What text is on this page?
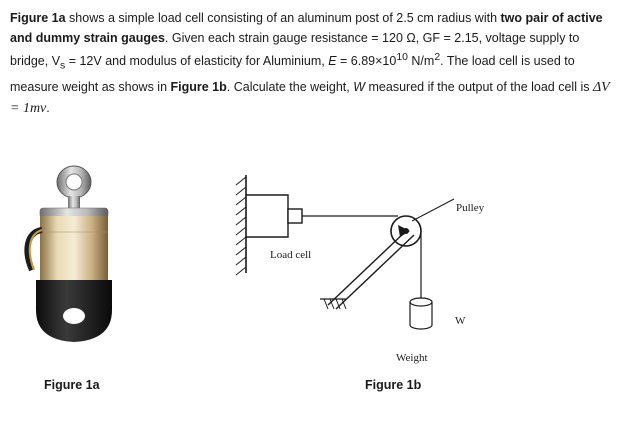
Figure 1a shows a simple load cell consisting of an aluminum post of 2.5 cm radius with two pair of active and dummy strain gauges. Given each strain gauge resistance = 120 Ω, GF = 2.15, voltage supply to bridge, $V_s = 12V$ and modulus of elasticity for Aluminium, $E = 6.89\times 10^{10}$ $N/m^2$. The load cell is used to measure weight as shows in Figure 1b. Calculate the weight, W measured if the output of the load cell is ΔV = 1mv.

Load cell
Pulley
W
Weight
Figure 1a	Figure 1b
